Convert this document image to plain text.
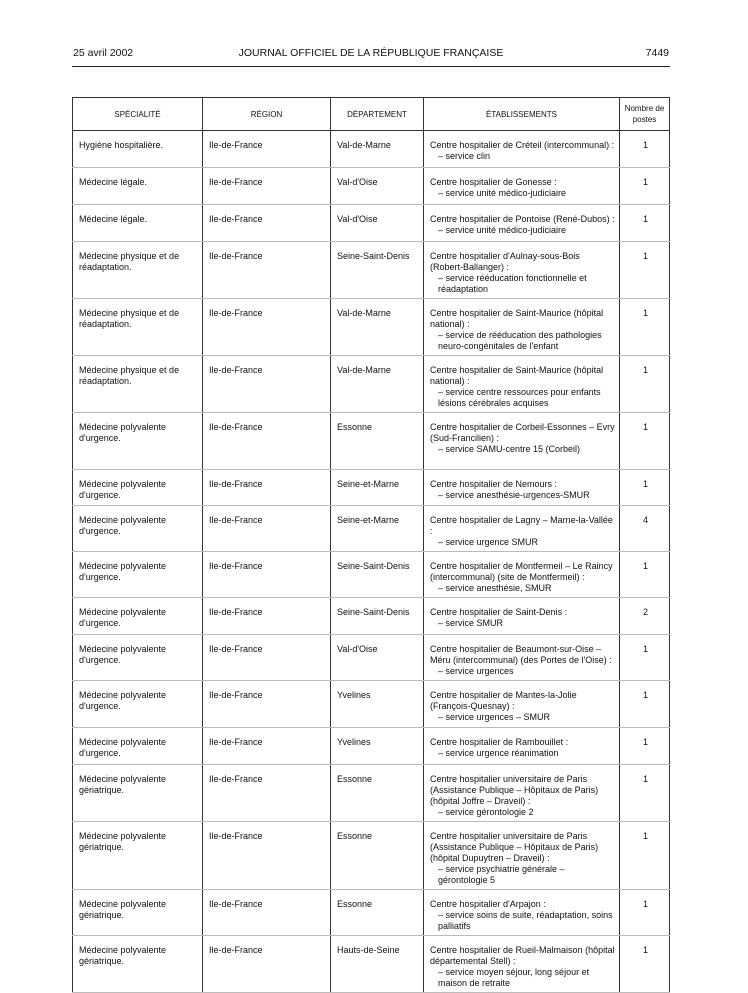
25 avril 2002	JOURNAL OFFICIEL DE LA RÉPUBLIQUE FRANÇAISE	7449
SPÉCIALITÉ	RÉGION	DÉPARTEMENT	ÉTABLISSEMENTS	Nombre de postes
Hygiène hospitalière.	Ile-de-France	Val-de-Marne	Centre hospitalier de Créteil (intercommunal) :
– service clin	1
Médecine légale.	Ile-de-France	Val-d'Oise	Centre hospitalier de Gonesse :
– service unité médico-judiciaire	1
Médecine légale.	Ile-de-France	Val-d'Oise	Centre hospitalier de Pontoise (René-Dubos) :
– service unité médico-judiciaire	1
Médecine physique et de réadaptation.	Ile-de-France	Seine-Saint-Denis	Centre hospitalier d'Aulnay-sous-Bois (Robert-Ballanger) :
– service rééducation fonctionnelle et réadaptation	1
Médecine physique et de réadaptation.	Ile-de-France	Val-de-Marne	Centre hospitalier de Saint-Maurice (hôpital national) :
– service de rééducation des pathologies neuro-congénitales de l'enfant	1
Médecine physique et de réadaptation.	Ile-de-France	Val-de-Marne	Centre hospitalier de Saint-Maurice (hôpital national) :
– service centre ressources pour enfants lésions cérébrales acquises	1
Médecine polyvalente d'urgence.	Ile-de-France	Essonne	Centre hospitalier de Corbeil-Essonnes – Evry (Sud-Francilien) :
– service SAMU-centre 15 (Corbeil)	1
Médecine polyvalente d'urgence.	Ile-de-France	Seine-et-Marne	Centre hospitalier de Nemours :
– service anesthésie-urgences-SMUR	1
Médecine polyvalente d'urgence.	Ile-de-France	Seine-et-Marne	Centre hospitalier de Lagny – Marne-la-Vallée :
– service urgence SMUR	4
Médecine polyvalente d'urgence.	Ile-de-France	Seine-Saint-Denis	Centre hospitalier de Montfermeil – Le Raincy (intercommunal) (site de Montfermeil) :
– service anesthésie, SMUR	1
Médecine polyvalente d'urgence.	Ile-de-France	Seine-Saint-Denis	Centre hospitalier de Saint-Denis :
– service SMUR	2
Médecine polyvalente d'urgence.	Ile-de-France	Val-d'Oise	Centre hospitalier de Beaumont-sur-Oise – Méru (intercommunal) (des Portes de l'Oise) :
– service urgences	1
Médecine polyvalente d'urgence.	Ile-de-France	Yvelines	Centre hospitalier de Mantes-la-Jolie (François-Quesnay) :
– service urgences – SMUR	1
Médecine polyvalente d'urgence.	Ile-de-France	Yvelines	Centre hospitalier de Rambouillet :
– service urgence réanimation	1
Médecine polyvalente gériatrique.	Ile-de-France	Essonne	Centre hospitalier universitaire de Paris (Assistance Publique – Hôpitaux de Paris) (hôpital Joffre – Draveil) :
– service gérontologie 2	1
Médecine polyvalente gériatrique.	Ile-de-France	Essonne	Centre hospitalier universitaire de Paris (Assistance Publique – Hôpitaux de Paris) (hôpital Dupuytren – Draveil) :
– service psychiatrie générale – gérontologie 5	1
Médecine polyvalente gériatrique.	Ile-de-France	Essonne	Centre hospitalier d'Arpajon :
– service soins de suite, réadaptation, soins palliatifs	1
Médecine polyvalente gériatrique.	Ile-de-France	Hauts-de-Seine	Centre hospitalier de Rueil-Malmaison (hôpital départemental Stell) :
– service moyen séjour, long séjour et maison de retraite	1
